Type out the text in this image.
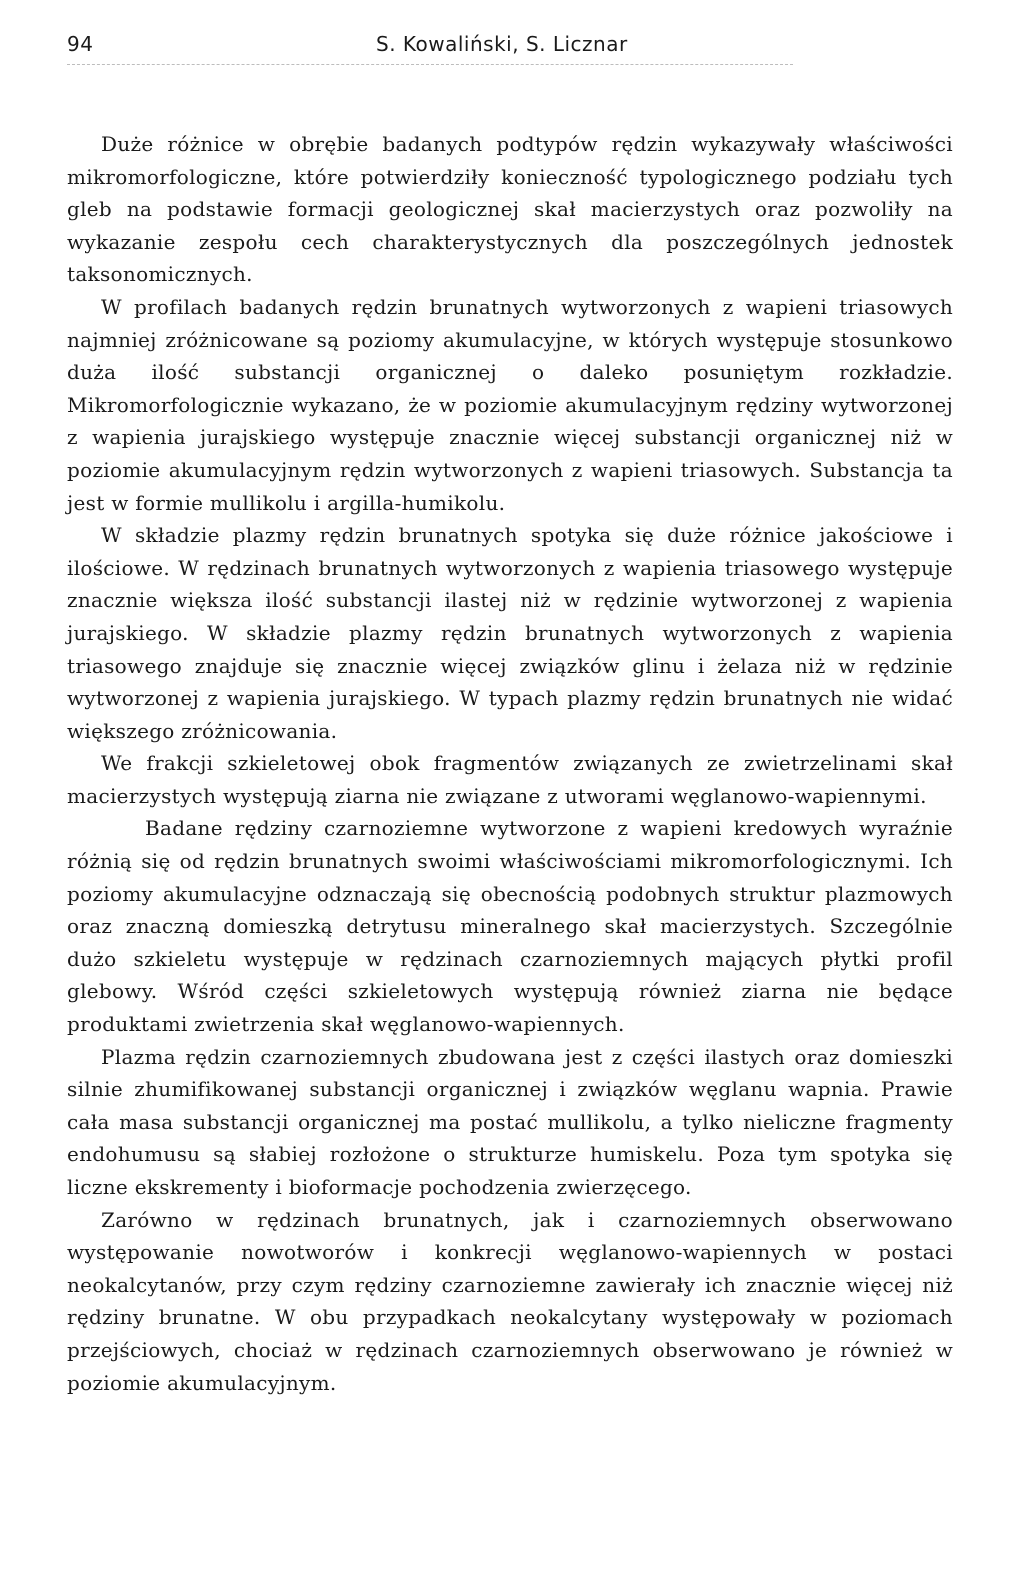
94	S. Kowaliński, S. Licznar

Duże różnice w obrębie badanych podtypów rędzin wykazywały właściwości mikromorfologiczne, które potwierdziły konieczność typologicznego podziału tych gleb na podstawie formacji geologicznej skał macierzystych oraz pozwoliły na wykazanie zespołu cech charakterystycznych dla poszczególnych jednostek taksonomicznych.

W profilach badanych rędzin brunatnych wytworzonych z wapieni triasowych najmniej zróżnicowane są poziomy akumulacyjne, w których występuje stosunkowo duża ilość substancji organicznej o daleko posuniętym rozkładzie. Mikromorfologicznie wykazano, że w poziomie akumulacyjnym rędziny wytworzonej z wapienia jurajskiego występuje znacznie więcej substancji organicznej niż w poziomie akumulacyjnym rędzin wytworzonych z wapieni triasowych. Substancja ta jest w formie mullikolu i argilla-humikolu.

W składzie plazmy rędzin brunatnych spotyka się duże różnice jakościowe i ilościowe. W rędzinach brunatnych wytworzonych z wapienia triasowego występuje znacznie większa ilość substancji ilastej niż w rędzinie wytworzonej z wapienia jurajskiego. W składzie plazmy rędzin brunatnych wytworzonych z wapienia triasowego znajduje się znacznie więcej związków glinu i żelaza niż w rędzinie wytworzonej z wapienia jurajskiego. W typach plazmy rędzin brunatnych nie widać większego zróżnicowania.

We frakcji szkieletowej obok fragmentów związanych ze zwietrzelinami skał macierzystych występują ziarna nie związane z utworami węglanowo-wapiennymi.

Badane rędziny czarnoziemne wytworzone z wapieni kredowych wyraźnie różnią się od rędzin brunatnych swoimi właściwościami mikromorfologicznymi. Ich poziomy akumulacyjne odznaczają się obecnością podobnych struktur plazmowych oraz znaczną domieszką detrytusu mineralnego skał macierzystych. Szczególnie dużo szkieletu występuje w rędzinach czarnoziemnych mających płytki profil glebowy. Wśród części szkieletowych występują również ziarna nie będące produktami zwietrzenia skał węglanowo-wapiennych.

Plazma rędzin czarnoziemnych zbudowana jest z części ilastych oraz domieszki silnie zhumifikowanej substancji organicznej i związków węglanu wapnia. Prawie cała masa substancji organicznej ma postać mullikolu, a tylko nieliczne fragmenty endohumusu są słabiej rozłożone o strukturze humiskelu. Poza tym spotyka się liczne ekskrementy i bioformacje pochodzenia zwierzęcego.

Zarówno w rędzinach brunatnych, jak i czarnoziemnych obserwowano występowanie nowotworów i konkrecji węglanowo-wapiennych w postaci neokalcytanów, przy czym rędziny czarnoziemne zawierały ich znacznie więcej niż rędziny brunatne. W obu przypadkach neokalcytany występowały w poziomach przejściowych, chociaż w rędzinach czarnoziemnych obserwowano je również w poziomie akumulacyjnym.
